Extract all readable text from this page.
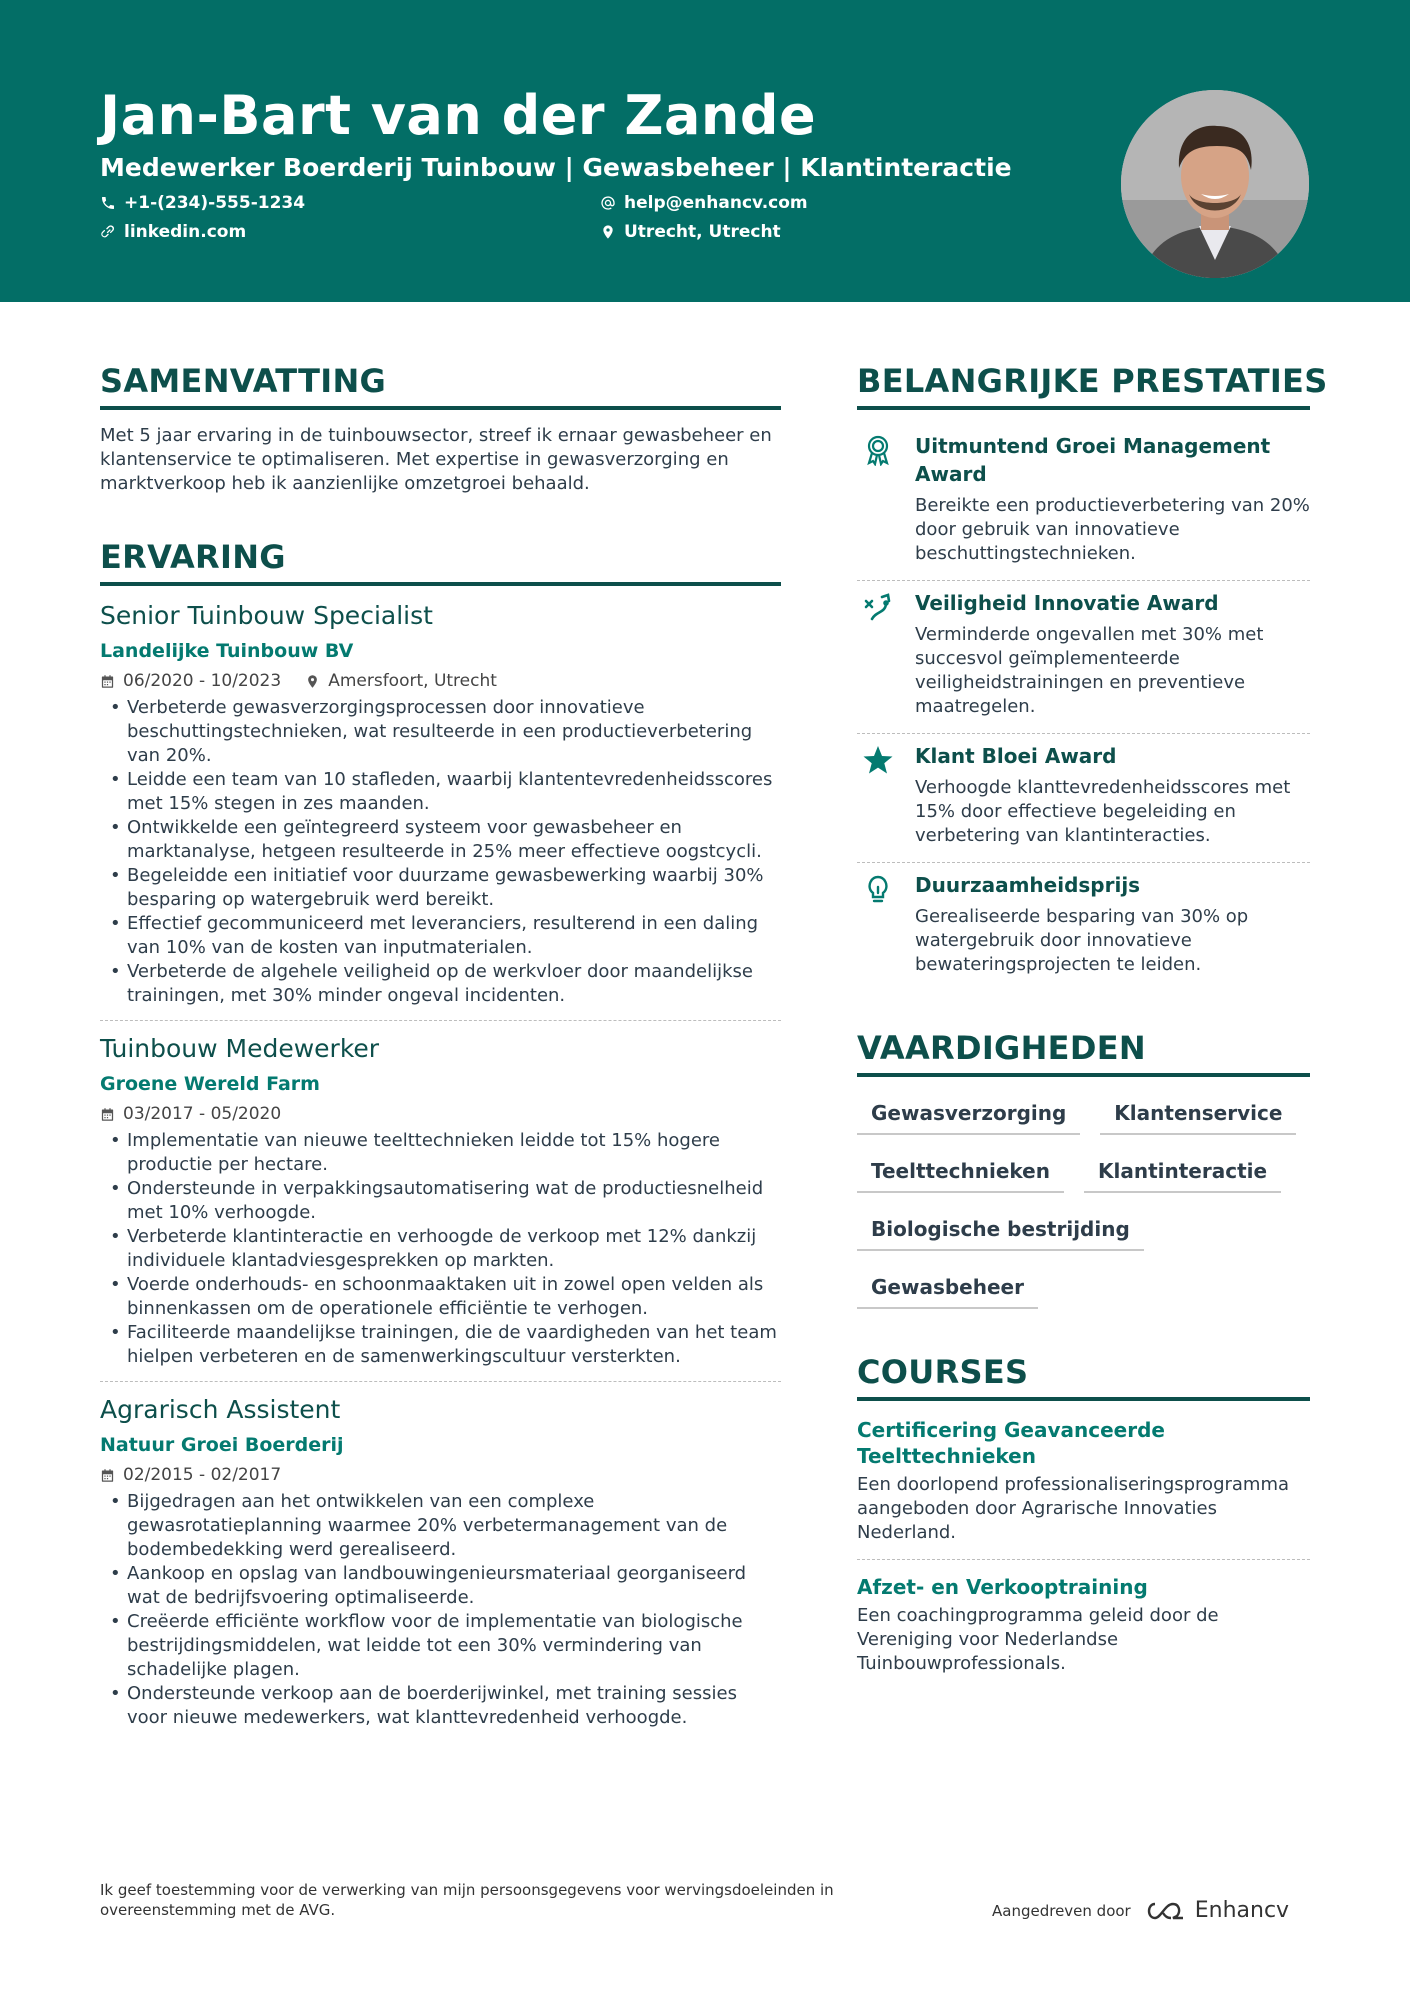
Jan-Bart van der Zande
Medewerker Boerderij Tuinbouw | Gewasbeheer | Klantinteractie
+1-(234)-555-1234	help@enhancv.com
linkedin.com	Utrecht, Utrecht
SAMENVATTING
Met 5 jaar ervaring in de tuinbouwsector, streef ik ernaar gewasbeheer en klantenservice te optimaliseren. Met expertise in gewasverzorging en marktverkoop heb ik aanzienlijke omzetgroei behaald.
ERVARING
Senior Tuinbouw Specialist
Landelijke Tuinbouw BV
06/2020 - 10/2023	Amersfoort, Utrecht
• Verbeterde gewasverzorgingsprocessen door innovatieve beschuttingstechnieken, wat resulteerde in een productieverbetering van 20%.
• Leidde een team van 10 stafleden, waarbij klantentevredenheidsscores met 15% stegen in zes maanden.
• Ontwikkelde een geïntegreerd systeem voor gewasbeheer en marktanalyse, hetgeen resulteerde in 25% meer effectieve oogstcycli.
• Begeleidde een initiatief voor duurzame gewasbewerking waarbij 30% besparing op watergebruik werd bereikt.
• Effectief gecommuniceerd met leveranciers, resulterend in een daling van 10% van de kosten van inputmaterialen.
• Verbeterde de algehele veiligheid op de werkvloer door maandelijkse trainingen, met 30% minder ongeval incidenten.
Tuinbouw Medewerker
Groene Wereld Farm
03/2017 - 05/2020
• Implementatie van nieuwe teelttechnieken leidde tot 15% hogere productie per hectare.
• Ondersteunde in verpakkingsautomatisering wat de productiesnelheid met 10% verhoogde.
• Verbeterde klantinteractie en verhoogde de verkoop met 12% dankzij individuele klantadviesgesprekken op markten.
• Voerde onderhouds- en schoonmaaktaken uit in zowel open velden als binnenkassen om de operationele efficiëntie te verhogen.
• Faciliteerde maandelijkse trainingen, die de vaardigheden van het team hielpen verbeteren en de samenwerkingscultuur versterkten.
Agrarisch Assistent
Natuur Groei Boerderij
02/2015 - 02/2017
• Bijgedragen aan het ontwikkelen van een complexe gewasrotatieplanning waarmee 20% verbetermanagement van de bodembedekking werd gerealiseerd.
• Aankoop en opslag van landbouwingenieursmateriaal georganiseerd wat de bedrijfsvoering optimaliseerde.
• Creëerde efficiënte workflow voor de implementatie van biologische bestrijdingsmiddelen, wat leidde tot een 30% vermindering van schadelijke plagen.
• Ondersteunde verkoop aan de boerderijwinkel, met training sessies voor nieuwe medewerkers, wat klanttevredenheid verhoogde.
BELANGRIJKE PRESTATIES
Uitmuntend Groei Management Award
Bereikte een productieverbetering van 20% door gebruik van innovatieve beschuttingstechnieken.
Veiligheid Innovatie Award
Verminderde ongevallen met 30% met succesvol geïmplementeerde veiligheidstrainingen en preventieve maatregelen.
Klant Bloei Award
Verhoogde klanttevredenheidsscores met 15% door effectieve begeleiding en verbetering van klantinteracties.
Duurzaamheidsprijs
Gerealiseerde besparing van 30% op watergebruik door innovatieve bewateringsprojecten te leiden.
VAARDIGHEDEN
Gewasverzorging	Klantenservice
Teelttechnieken	Klantinteractie
Biologische bestrijding
Gewasbeheer
COURSES
Certificering Geavanceerde Teelttechnieken
Een doorlopend professionaliseringsprogramma aangeboden door Agrarische Innovaties Nederland.
Afzet- en Verkooptraining
Een coachingprogramma geleid door de Vereniging voor Nederlandse Tuinbouwprofessionals.
Ik geef toestemming voor de verwerking van mijn persoonsgegevens voor wervingsdoeleinden in overeenstemming met de AVG.	Aangedreven door	Enhancv
